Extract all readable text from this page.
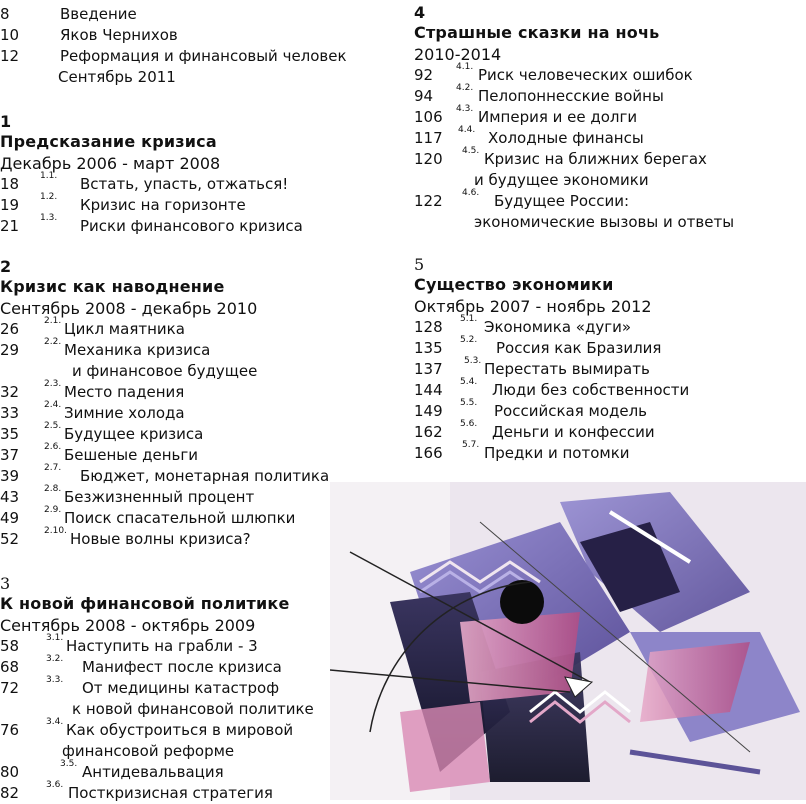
8	Введение
10	Яков Чернихов
12	Реформация и финансовый человек
Сентябрь 2011
1
Предсказание кризиса
Декабрь 2006 - март 2008
18 1.1. Встать, упасть, отжаться!
19 1.2. Кризис на горизонте
21 1.3. Риски финансового кризиса
2
Кризис как наводнение
Сентябрь 2008 - декабрь 2010
26	2.1. Цикл маятника
29	2.2. Механика кризиса
и финансовое будущее
32	2.3. Место падения
33	2.4. Зимние холода
35	2.5. Будущее кризиса
37	2.6. Бешеные деньги
39	2.7. Бюджет, монетарная политика
43	2.8. Безжизненный процент
49	2.9. Поиск спасательной шлюпки
52	2.10. Новые волны кризиса?
3
К новой финансовой политике
Сентябрь 2008 - октябрь 2009
58	3.1. Наступить на грабли - 3
68	3.2. Манифест после кризиса
72	3.3. От медицины катастроф
к новой финансовой политике
76	3.4. Как обустроиться в мировой
финансовой реформе
80	3.5. Антидевальвация
82	3.6. Посткризисная стратегия
4
Страшные сказки на ночь
2010-2014
92	4.1. Риск человеческих ошибок
94	4.2. Пелопоннесские войны
106 4.3. Империя и ее долги
117 4.4. Холодные финансы
120 4.5. Кризис на ближних берегах
и будущее экономики
122 4.6. Будущее России:
экономические вызовы и ответы
5
Существо экономики
Октябрь 2007 - ноябрь 2012
128 5.1. Экономика «дуги»
135 5.2. Россия как Бразилия
137 5.3. Перестать вымирать
144 5.4. Люди без собственности
149 5.5. Российская модель
162 5.6. Деньги и конфессии
166 5.7. Предки и потомки
